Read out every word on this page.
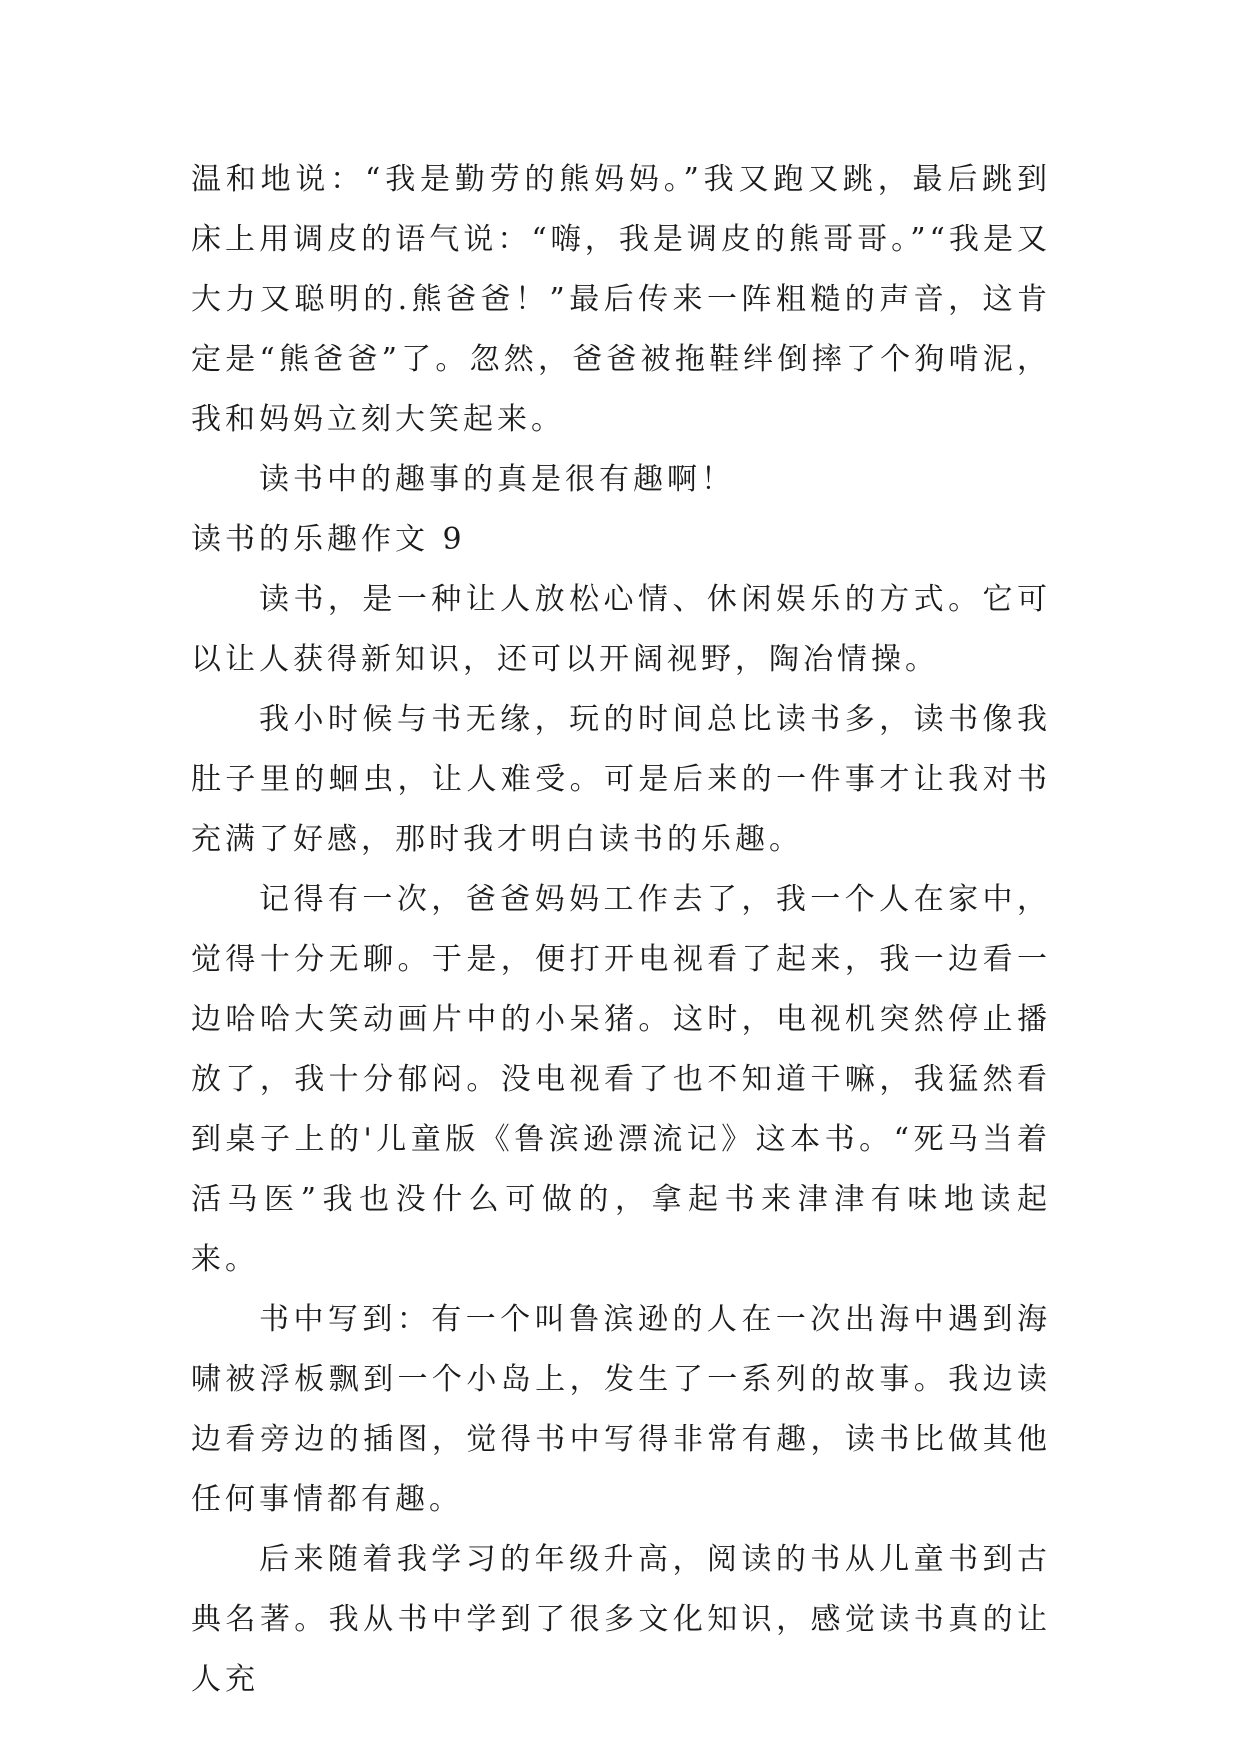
温和地说：“我是勤劳的熊妈妈。”我又跑又跳，最后跳到床上用调皮的语气说：“嗨，我是调皮的熊哥哥。”“我是又大力又聪明的.熊爸爸！”最后传来一阵粗糙的声音，这肯定是“熊爸爸”了。忽然，爸爸被拖鞋绊倒摔了个狗啃泥，我和妈妈立刻大笑起来。

读书中的趣事的真是很有趣啊！

读书的乐趣作文 9

读书，是一种让人放松心情、休闲娱乐的方式。它可以让人获得新知识，还可以开阔视野，陶冶情操。

我小时候与书无缘，玩的时间总比读书多，读书像我肚子里的蛔虫，让人难受。可是后来的一件事才让我对书充满了好感，那时我才明白读书的乐趣。

记得有一次，爸爸妈妈工作去了，我一个人在家中，觉得十分无聊。于是，便打开电视看了起来，我一边看一边哈哈大笑动画片中的小呆猪。这时，电视机突然停止播放了，我十分郁闷。没电视看了也不知道干嘛，我猛然看到桌子上的'儿童版《鲁滨逊漂流记》这本书。“死马当着活马医”我也没什么可做的，拿起书来津津有味地读起来。

书中写到：有一个叫鲁滨逊的人在一次出海中遇到海啸被浮板飘到一个小岛上，发生了一系列的故事。我边读边看旁边的插图，觉得书中写得非常有趣，读书比做其他任何事情都有趣。

后来随着我学习的年级升高，阅读的书从儿童书到古典名著。我从书中学到了很多文化知识，感觉读书真的让人充
